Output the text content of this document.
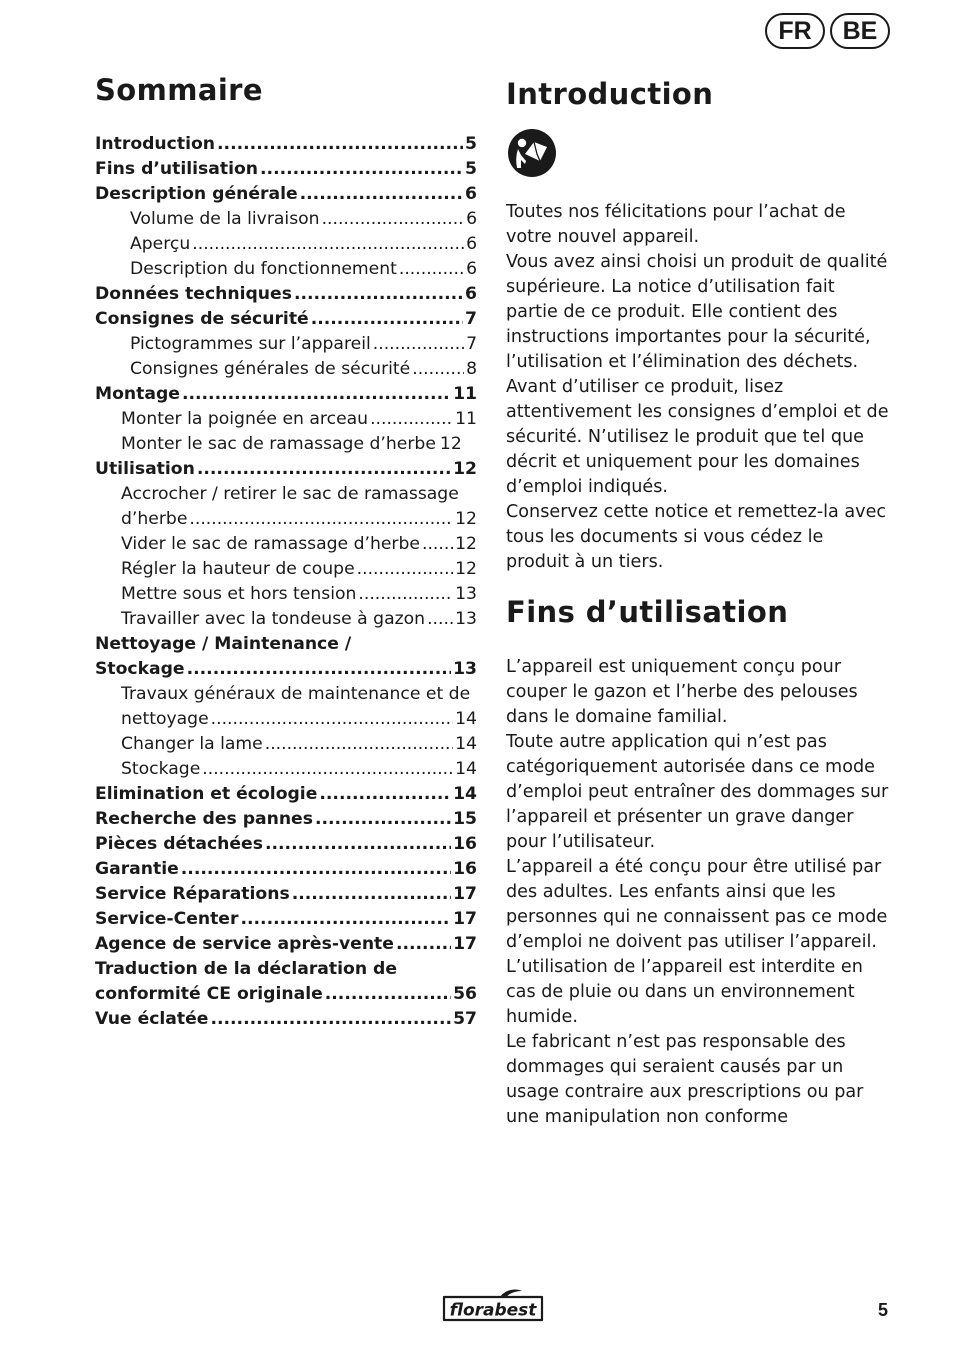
FR	BE
Sommaire
Introduction .....	5
Fins d’utilisation .....	5
Description générale .....	6
Volume de la livraison .....	6
Aperçu .....	6
Description du fonctionnement .....	6
Données techniques .....	6
Consignes de sécurité .....	7
Pictogrammes sur l’appareil .....	7
Consignes générales de sécurité .....	8
Montage .....	11
Monter la poignée en arceau .....	11
Monter le sac de ramassage d’herbe 12
Utilisation .....	12
Accrocher / retirer le sac de ramassage
d’herbe .....	12
Vider le sac de ramassage d’herbe ..... 12
Régler la hauteur de coupe .....	12
Mettre sous et hors tension .....	13
Travailler avec la tondeuse à gazon ..... 13
Nettoyage / Maintenance /
Stockage .....	13
Travaux généraux de maintenance et de
nettoyage .....	14
Changer la lame .....	14
Stockage .....	14
Elimination et écologie .....	14
Recherche des pannes .....	15
Pièces détachées .....	16
Garantie .....	16
Service Réparations .....	17
Service-Center .....	17
Agence de service après-vente .....	17
Traduction de la déclaration de
conformité CE originale .....	56
Vue éclatée .....	57
Introduction

Toutes nos félicitations pour l’achat de votre nouvel appareil.

Vous avez ainsi choisi un produit de qualité supérieure. La notice d’utilisation fait partie de ce produit. Elle contient des instructions importantes pour la sécurité, l’utilisation et l’élimination des déchets. Avant d’utiliser ce produit, lisez attentivement les consignes d’emploi et de sécurité. N’utilisez le produit que tel que décrit et uniquement pour les domaines d’emploi indiqués.

Conservez cette notice et remettez-la avec tous les documents si vous cédez le produit à un tiers.

Fins d’utilisation

L’appareil est uniquement conçu pour couper le gazon et l’herbe des pelouses dans le domaine familial.

Toute autre application qui n’est pas catégoriquement autorisée dans ce mode d’emploi peut entraîner des dommages sur l’appareil et présenter un grave danger pour l’utilisateur.

L’appareil a été conçu pour être utilisé par des adultes. Les enfants ainsi que les personnes qui ne connaissent pas ce mode d’emploi ne doivent pas utiliser l’appareil.

L’utilisation de l’appareil est interdite en cas de pluie ou dans un environnement humide.

Le fabricant n’est pas responsable des dommages qui seraient causés par un usage contraire aux prescriptions ou par une manipulation non conforme

florabest	5
